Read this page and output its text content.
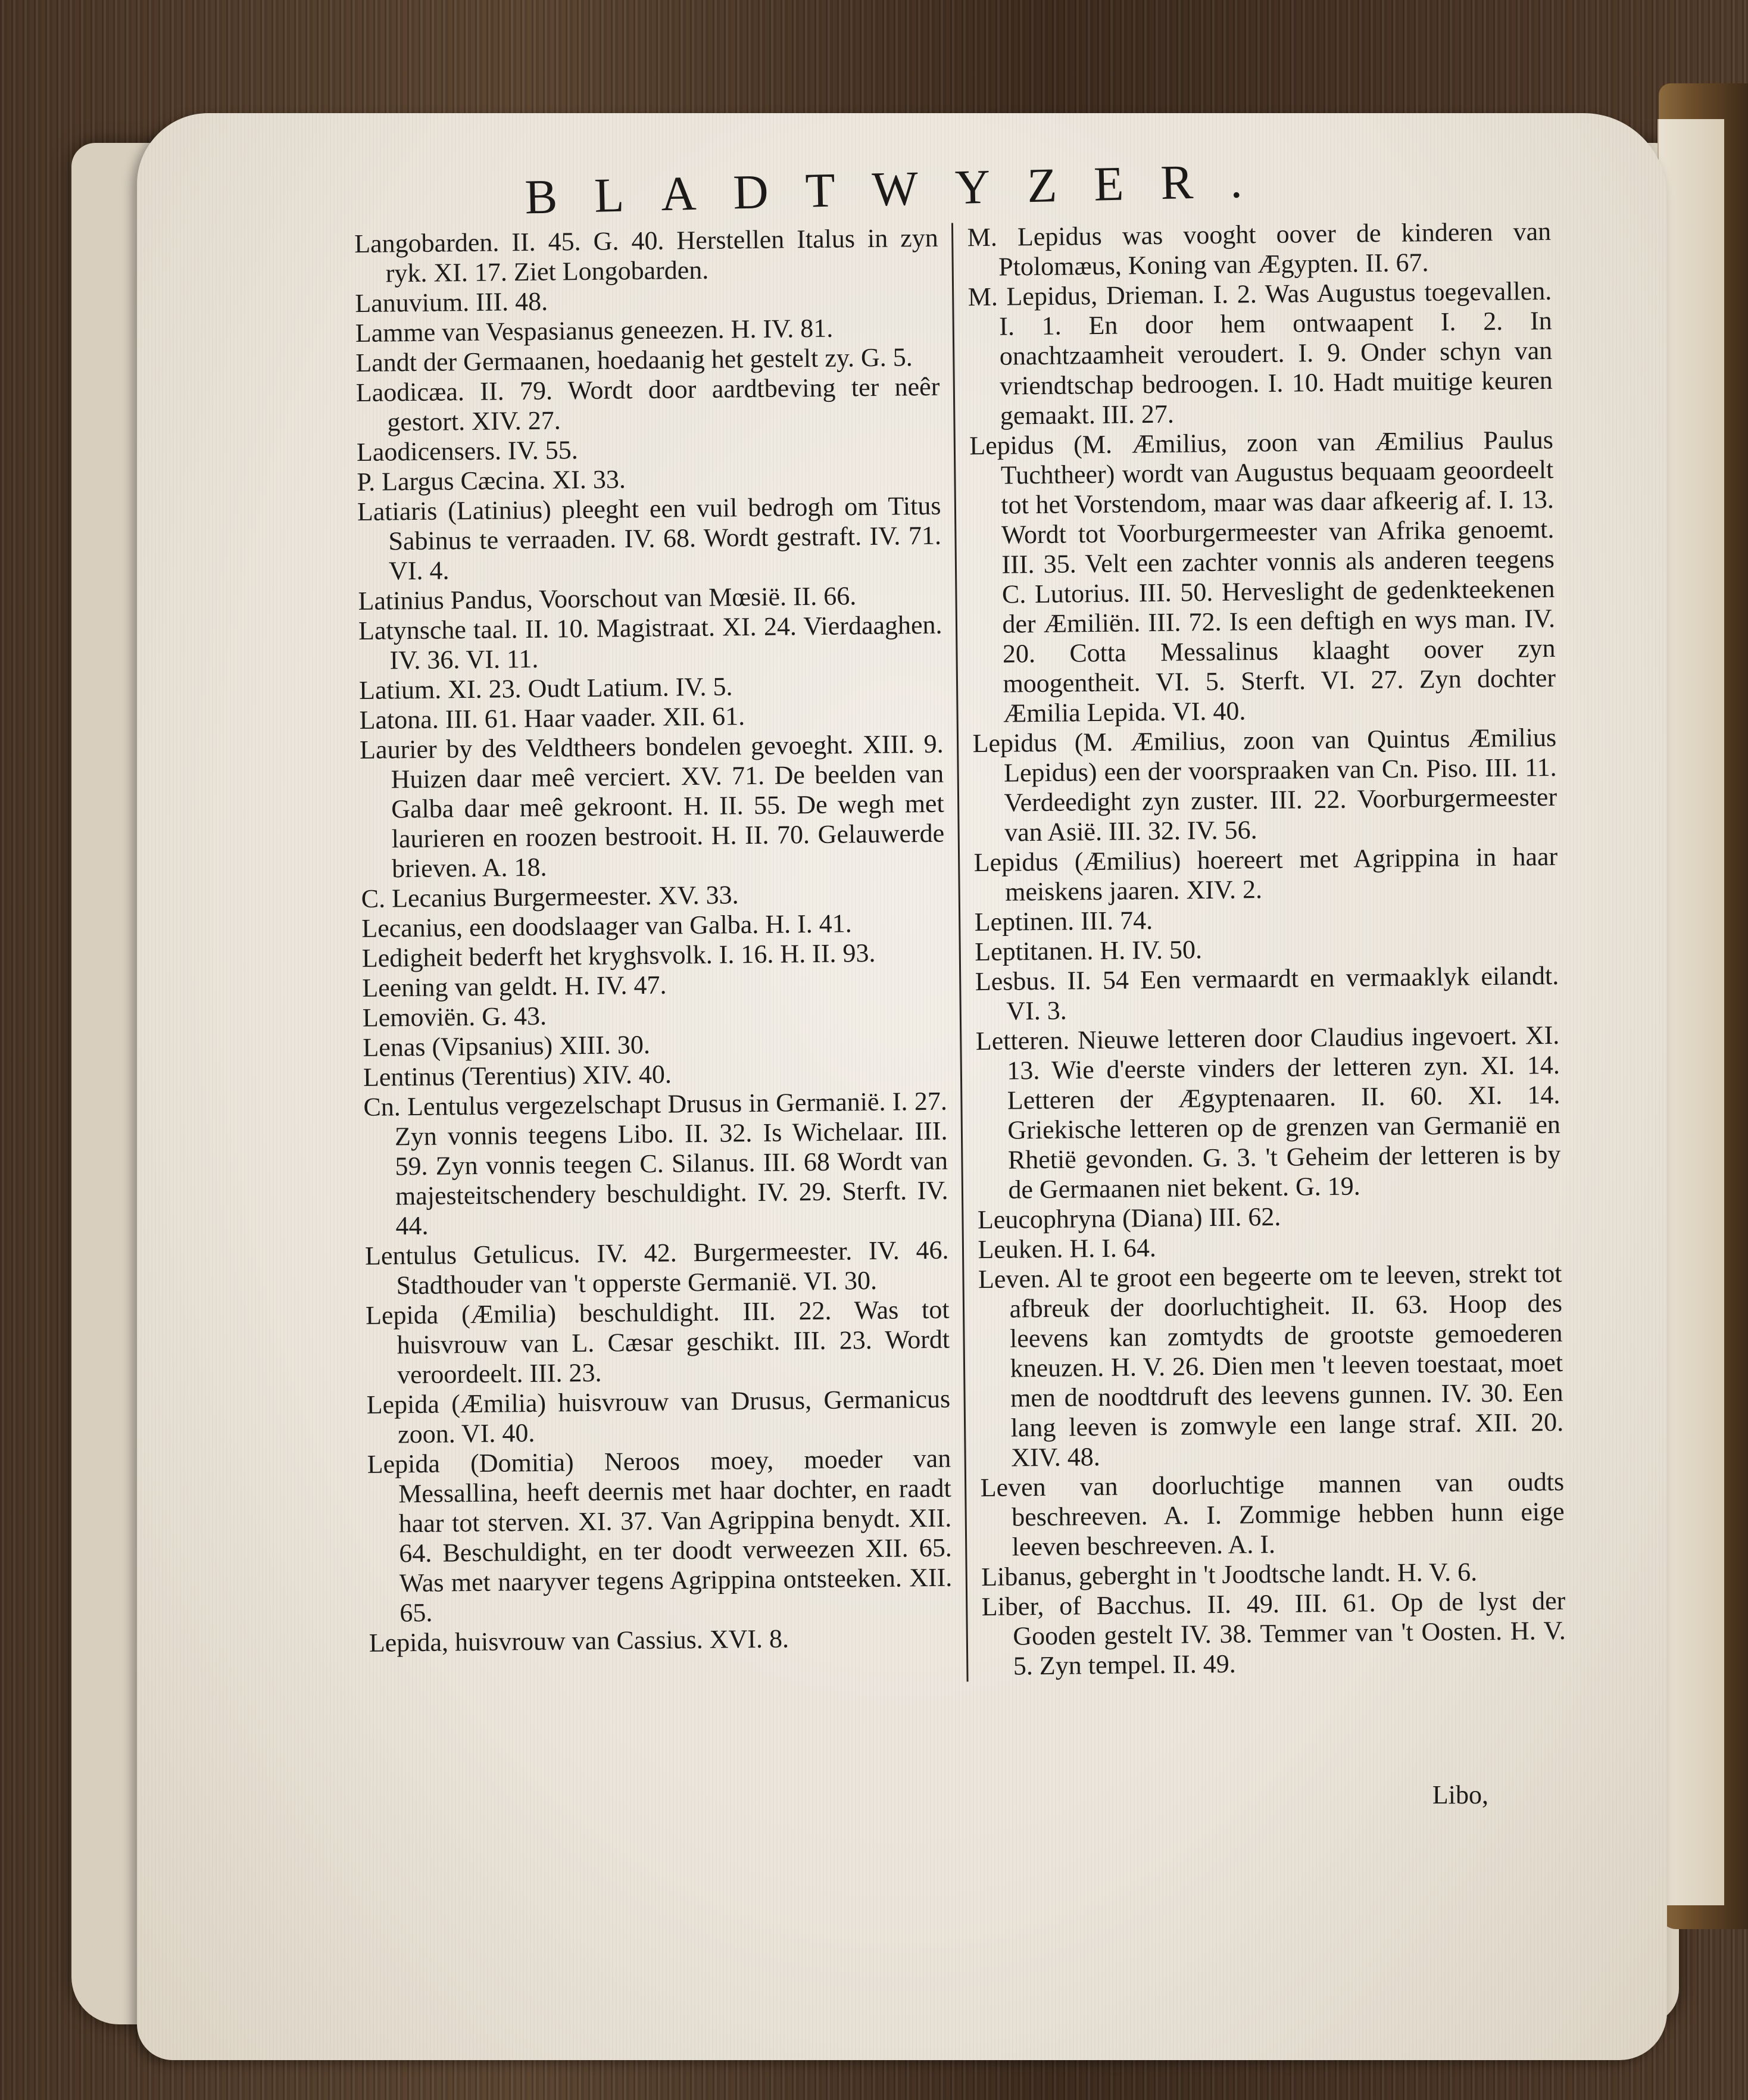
BLADTWYZER.

Langobarden. II. 45. G. 40. Herstellen Italus in zyn ryk. XI. 17. Ziet Longobarden.

Lanuvium. III. 48.

Lamme van Vespasianus geneezen. H. IV. 81.

Landt der Germaanen, hoedaanig het gestelt zy. G. 5.

Laodicæa. II. 79. Wordt door aardtbeving ter neêr gestort. XIV. 27.

Laodicensers. IV. 55.

P. Largus Cæcina. XI. 33.

Latiaris (Latinius) pleeght een vuil bedrogh om Titus Sabinus te verraaden. IV. 68. Wordt gestraft. IV. 71. VI. 4.

Latinius Pandus, Voorschout van Mœsië. II. 66.

Latynsche taal. II. 10. Magistraat. XI. 24. Vierdaaghen. IV. 36. VI. 11.

Latium. XI. 23. Oudt Latium. IV. 5.

Latona. III. 61. Haar vaader. XII. 61.

Laurier by des Veldtheers bondelen gevoeght. XIII. 9. Huizen daar meê verciert. XV. 71. De beelden van Galba daar meê gekroont. H. II. 55. De wegh met laurieren en roozen bestrooit. H. II. 70. Gelauwerde brieven. A. 18.

C. Lecanius Burgermeester. XV. 33.

Lecanius, een doodslaager van Galba. H. I. 41.

Ledigheit bederft het kryghsvolk. I. 16. H. II. 93.

Leening van geldt. H. IV. 47.

Lemoviën. G. 43.

Lenas (Vipsanius) XIII. 30.

Lentinus (Terentius) XIV. 40.

Cn. Lentulus vergezelschapt Drusus in Germanië. I. 27. Zyn vonnis teegens Libo. II. 32. Is Wichelaar. III. 59. Zyn vonnis teegen C. Silanus. III. 68 Wordt van majesteitschendery beschuldight. IV. 29. Sterft. IV. 44.

Lentulus Getulicus. IV. 42. Burgermeester. IV. 46. Stadthouder van 't opperste Germanië. VI. 30.

Lepida (Æmilia) beschuldight. III. 22. Was tot huisvrouw van L. Cæsar geschikt. III. 23. Wordt veroordeelt. III. 23.

Lepida (Æmilia) huisvrouw van Drusus, Germanicus zoon. VI. 40.

Lepida (Domitia) Neroos moey, moeder van Messallina, heeft deernis met haar dochter, en raadt haar tot sterven. XI. 37. Van Agrippina benydt. XII. 64. Beschuldight, en ter doodt verweezen XII. 65. Was met naaryver tegens Agrippina ontsteeken. XII. 65.

Lepida, huisvrouw van Cassius. XVI. 8.

M. Lepidus was vooght oover de kinderen van Ptolomæus, Koning van Ægypten. II. 67.

M. Lepidus, Drieman. I. 2. Was Augustus toegevallen. I. 1. En door hem ontwaapent I. 2. In onachtzaamheit veroudert. I. 9. Onder schyn van vriendtschap bedroogen. I. 10. Hadt muitige keuren gemaakt. III. 27.

Lepidus (M. Æmilius, zoon van Æmilius Paulus Tuchtheer) wordt van Augustus bequaam geoordeelt tot het Vorstendom, maar was daar afkeerig af. I. 13. Wordt tot Voorburgermeester van Afrika genoemt. III. 35. Velt een zachter vonnis als anderen teegens C. Lutorius. III. 50. Herveslight de gedenkteekenen der Æmiliën. III. 72. Is een deftigh en wys man. IV. 20. Cotta Messalinus klaaght oover zyn moogentheit. VI. 5. Sterft. VI. 27. Zyn dochter Æmilia Lepida. VI. 40.

Lepidus (M. Æmilius, zoon van Quintus Æmilius Lepidus) een der voorspraaken van Cn. Piso. III. 11. Verdeedight zyn zuster. III. 22. Voorburgermeester van Asië. III. 32. IV. 56.

Lepidus (Æmilius) hoereert met Agrippina in haar meiskens jaaren. XIV. 2.

Leptinen. III. 74.

Leptitanen. H. IV. 50.

Lesbus. II. 54 Een vermaardt en vermaaklyk eilandt. VI. 3.

Letteren. Nieuwe letteren door Claudius ingevoert. XI. 13. Wie d'eerste vinders der letteren zyn. XI. 14. Letteren der Ægyptenaaren. II. 60. XI. 14. Griekische letteren op de grenzen van Germanië en Rhetië gevonden. G. 3. 't Geheim der letteren is by de Germaanen niet bekent. G. 19.

Leucophryna (Diana) III. 62.

Leuken. H. I. 64.

Leven. Al te groot een begeerte om te leeven, strekt tot afbreuk der doorluchtigheit. II. 63. Hoop des leevens kan zomtydts de grootste gemoederen kneuzen. H. V. 26. Dien men 't leeven toestaat, moet men de noodtdruft des leevens gunnen. IV. 30. Een lang leeven is zomwyle een lange straf. XII. 20. XIV. 48.

Leven van doorluchtige mannen van oudts beschreeven. A. I. Zommige hebben hunn eige leeven beschreeven. A. I.

Libanus, geberght in 't Joodtsche landt. H. V. 6.

Liber, of Bacchus. II. 49. III. 61. Op de lyst der Gooden gestelt IV. 38. Temmer van 't Oosten. H. V. 5. Zyn tempel. II. 49.

Libo,
